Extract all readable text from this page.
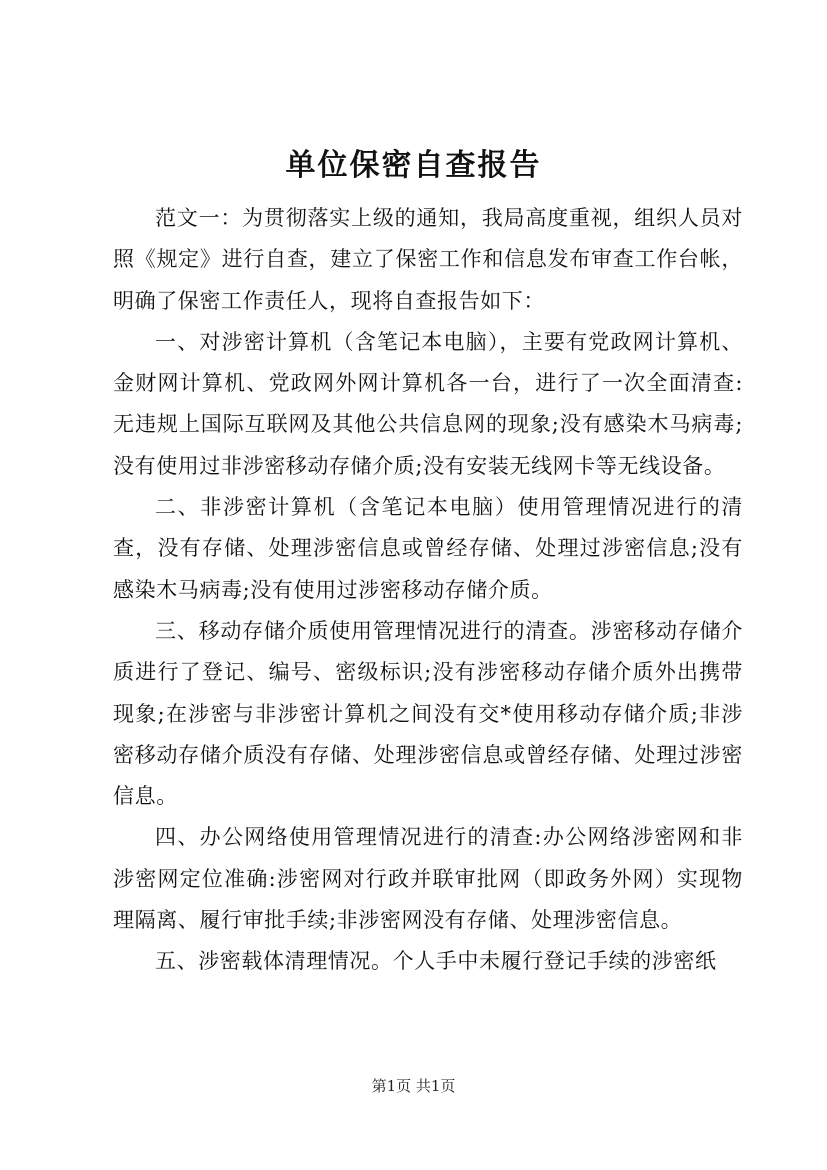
单位保密自查报告

范文一：为贯彻落实上级的通知，我局高度重视，组织人员对照《规定》进行自查，建立了保密工作和信息发布审查工作台帐，明确了保密工作责任人，现将自查报告如下：

一、对涉密计算机（含笔记本电脑），主要有党政网计算机、金财网计算机、党政网外网计算机各一台，进行了一次全面清查:无违规上国际互联网及其他公共信息网的现象;没有感染木马病毒;没有使用过非涉密移动存储介质;没有安装无线网卡等无线设备。

二、非涉密计算机（含笔记本电脑）使用管理情况进行的清查，没有存储、处理涉密信息或曾经存储、处理过涉密信息;没有感染木马病毒;没有使用过涉密移动存储介质。

三、移动存储介质使用管理情况进行的清查。涉密移动存储介质进行了登记、编号、密级标识;没有涉密移动存储介质外出携带现象;在涉密与非涉密计算机之间没有交*使用移动存储介质;非涉密移动存储介质没有存储、处理涉密信息或曾经存储、处理过涉密信息。

四、办公网络使用管理情况进行的清查:办公网络涉密网和非涉密网定位准确:涉密网对行政并联审批网（即政务外网）实现物理隔离、履行审批手续;非涉密网没有存储、处理涉密信息。

五、涉密载体清理情况。个人手中未履行登记手续的涉密纸

第1页 共1页
